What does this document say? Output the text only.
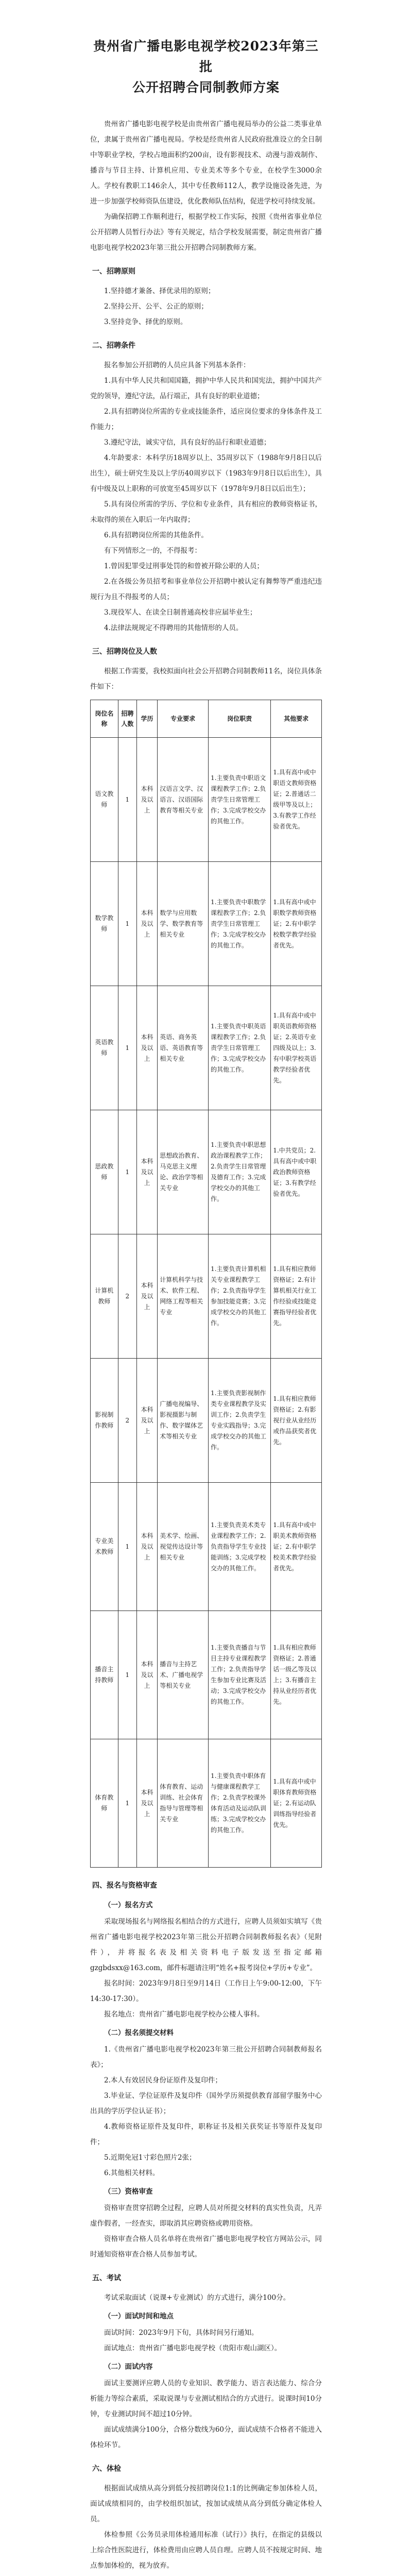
贵州省广播电影电视学校2023年第三批
公开招聘合同制教师方案

贵州省广播电影电视学校是由贵州省广播电视局举办的公益二类事业单位，隶属于贵州省广播电视局。学校是经贵州省人民政府批准设立的全日制中等职业学校，学校占地面积约200亩，设有影视技术、动漫与游戏制作、播音与节目主持、计算机应用、专业美术等多个专业，在校学生3000余人。学校有教职工146余人，其中专任教师112人，教学设施设备先进，为进一步加强学校师资队伍建设，优化教师队伍结构，促进学校可持续发展。

为确保招聘工作顺利进行，根据学校工作实际，按照《贵州省事业单位公开招聘人员暂行办法》等有关规定，结合学校发展需要，制定贵州省广播电影电视学校2023年第三批公开招聘合同制教师方案。

一、招聘原则

1.坚持德才兼备、择优录用的原则；

2.坚持公开、公平、公正的原则；

3.坚持竞争、择优的原则。

二、招聘条件

报名参加公开招聘的人员应具备下列基本条件：

1.具有中华人民共和国国籍，拥护中华人民共和国宪法，拥护中国共产党的领导，遵纪守法，品行端正，具有良好的职业道德；

2.具有招聘岗位所需的专业或技能条件，适应岗位要求的身体条件及工作能力；

3.遵纪守法，诚实守信，具有良好的品行和职业道德；

4.年龄要求：本科学历18周岁以上、35周岁以下（1988年9月8日以后出生），硕士研究生及以上学历40周岁以下（1983年9月8日以后出生），具有中级及以上职称的可放宽至45周岁以下（1978年9月8日以后出生）；

5.具有岗位所需的学历、学位和专业条件，具有相应的教师资格证书，未取得的须在入职后一年内取得；

6.具有招聘岗位所需的其他条件。

有下列情形之一的，不得报考：

1.曾因犯罪受过刑事处罚的和曾被开除公职的人员；

2.在各级公务员招考和事业单位公开招聘中被认定有舞弊等严重违纪违规行为且不得报考的人员；

3.现役军人、在读全日制普通高校非应届毕业生；

4.法律法规规定不得聘用的其他情形的人员。

三、招聘岗位及人数

根据工作需要，我校拟面向社会公开招聘合同制教师11名，岗位具体条件如下：

岗位名称	招聘人数	学历	专业要求	岗位职责	其他要求
语文教师	1	本科及以上	汉语言文学、汉语言、汉语国际教育等相关专业	1.主要负责中职语文课程教学工作；2.负责学生日常管理工作；3.完成学校交办的其他工作。	1.具有高中或中职语文教师资格证；2.普通话二级甲等及以上；3.有教学工作经验者优先。
数学教师	1	本科及以上	数学与应用数学、数学教育等相关专业	1.主要负责中职数学课程教学工作；2.负责学生日常管理工作；3.完成学校交办的其他工作。	1.具有高中或中职数学教师资格证；2.有中职学校数学教学经验者优先。
英语教师	1	本科及以上	英语、商务英语、英语教育等相关专业	1.主要负责中职英语课程教学工作；2.负责学生日常管理工作；3.完成学校交办的其他工作。	1.具有高中或中职英语教师资格证；2.英语专业四级及以上；3.有中职学校英语教学经验者优先。
思政教师	1	本科及以上	思想政治教育、马克思主义理论、政治学等相关专业	1.主要负责中职思想政治课程教学工作；2.负责学生日常管理及德育工作；3.完成学校交办的其他工作。	1.中共党员；2.具有高中或中职政治教师资格证；3.有教学经验者优先。
计算机教师	2	本科及以上	计算机科学与技术、软件工程、网络工程等相关专业	1.主要负责计算机相关专业课程教学工作；2.负责指导学生参加技能竞赛；3.完成学校交办的其他工作。	1.具有相应教师资格证；2.有计算机相关行业工作经验或技能竞赛指导经验者优先。
影视制作教师	2	本科及以上	广播电视编导、影视摄影与制作、数字媒体艺术等相关专业	1.主要负责影视制作类专业课程教学及实训工作；2.负责学生专业实践指导；3.完成学校交办的其他工作。	1.具有相应教师资格证；2.有影视行业从业经历或作品获奖者优先。
专业美术教师	1	本科及以上	美术学、绘画、视觉传达设计等相关专业	1.主要负责美术类专业课程教学工作；2.负责指导学生专业技能训练；3.完成学校交办的其他工作。	1.具有高中或中职美术教师资格证；2.有中职学校美术教学经验者优先。
播音主持教师	1	本科及以上	播音与主持艺术、广播电视学等相关专业	1.主要负责播音与节目主持专业课程教学工作；2.负责指导学生参加专业比赛及活动；3.完成学校交办的其他工作。	1.具有相应教师资格证；2.普通话一级乙等及以上；3.有播音主持从业经历者优先。
体育教师	1	本科及以上	体育教育、运动训练、社会体育指导与管理等相关专业	1.主要负责中职体育与健康课程教学工作；2.负责学校课外体育活动及运动队训练；3.完成学校交办的其他工作。	1.具有高中或中职体育教师资格证；2.有运动队训练指导经验者优先。
四、报名与资格审查
（一）报名方式

采取现场报名与网络报名相结合的方式进行，应聘人员须如实填写《贵州省广播电影电视学校2023年第三批公开招聘合同制教师报名表》（见附件），并将报名表及相关资料电子版发送至指定邮箱gzgbdsxx@163.com，邮件标题请注明“姓名+报考岗位+学历+专业”。

报名时间：2023年9月8日至9月14日（工作日上午9:00-12:00，下午14:30-17:30）。

报名地点：贵州省广播电影电视学校办公楼人事科。

（二）报名须提交材料

1.《贵州省广播电影电视学校2023年第三批公开招聘合同制教师报名表》；

2.本人有效居民身份证原件及复印件；

3.毕业证、学位证原件及复印件（国外学历须提供教育部留学服务中心出具的学历学位认证书）；

4.教师资格证原件及复印件，职称证书及相关获奖证书等原件及复印件；

5.近期免冠1寸彩色照片2张；

6.其他相关材料。

（三）资格审查

资格审查贯穿招聘全过程，应聘人员对所提交材料的真实性负责，凡弄虚作假者，一经查实，即取消其应聘资格或聘用资格。

资格审查合格人员名单将在贵州省广播电影电视学校官方网站公示，同时通知资格审查合格人员参加考试。

五、考试

考试采取面试（说课+专业测试）的方式进行，满分100分。

（一）面试时间和地点

面试时间：2023年9月下旬，具体时间另行通知。

面试地点：贵州省广播电影电视学校（贵阳市观山湖区）。

（二）面试内容

面试主要测评应聘人员的专业知识、教学能力、语言表达能力、综合分析能力等综合素质，采取说课与专业测试相结合的方式进行。说课时间10分钟，专业测试时间不超过10分钟。

面试成绩满分100分，合格分数线为60分，面试成绩不合格者不能进入体检环节。

六、体检

根据面试成绩从高分到低分按招聘岗位1:1的比例确定参加体检人员，面试成绩相同的，由学校组织加试，按加试成绩从高分到低分确定体检人员。

体检参照《公务员录用体检通用标准（试行）》执行，在指定的县级以上综合性医院进行，体检费用由应聘人员自理。应聘人员不按规定时间、地点参加体检的，视为放弃。
